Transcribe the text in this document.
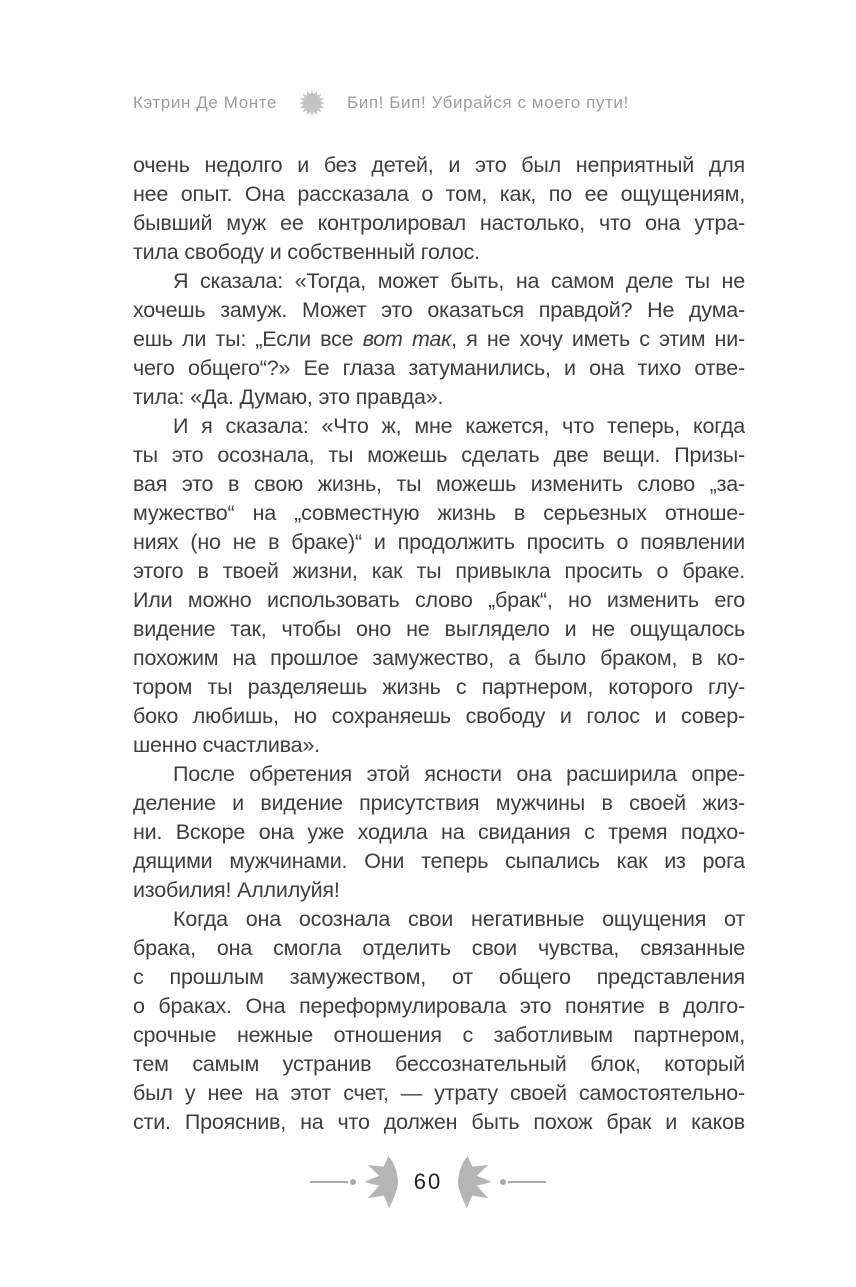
Кэтрин Де Монте	Бип! Бип! Убирайся с моего пути!
очень недолго и без детей, и это был неприятный для
нее опыт. Она рассказала о том, как, по ее ощущениям,
бывший муж ее контролировал настолько, что она утра-
тила свободу и собственный голос.
Я сказала: «Тогда, может быть, на самом деле ты не
хочешь замуж. Может это оказаться правдой? Не дума-
ешь ли ты: „Если все вот так, я не хочу иметь с этим ни-
чего общего“?» Ее глаза затуманились, и она тихо отве-
тила: «Да. Думаю, это правда».
И я сказала: «Что ж, мне кажется, что теперь, когда
ты это осознала, ты можешь сделать две вещи. Призы-
вая это в свою жизнь, ты можешь изменить слово „за-
мужество“ на „совместную жизнь в серьезных отноше-
ниях (но не в браке)“ и продолжить просить о появлении
этого в твоей жизни, как ты привыкла просить о браке.
Или можно использовать слово „брак“, но изменить его
видение так, чтобы оно не выглядело и не ощущалось
похожим на прошлое замужество, а было браком, в ко-
тором ты разделяешь жизнь с партнером, которого глу-
боко любишь, но сохраняешь свободу и голос и совер-
шенно счастлива».
После обретения этой ясности она расширила опре-
деление и видение присутствия мужчины в своей жиз-
ни. Вскоре она уже ходила на свидания с тремя подхо-
дящими мужчинами. Они теперь сыпались как из рога
изобилия! Аллилуйя!
Когда она осознала свои негативные ощущения от
брака, она смогла отделить свои чувства, связанные
с прошлым замужеством, от общего представления
о браках. Она переформулировала это понятие в долго-
срочные нежные отношения с заботливым партнером,
тем самым устранив бессознательный блок, который
был у нее на этот счет, — утрату своей самостоятельно-
сти. Прояснив, на что должен быть похож брак и каков
60
